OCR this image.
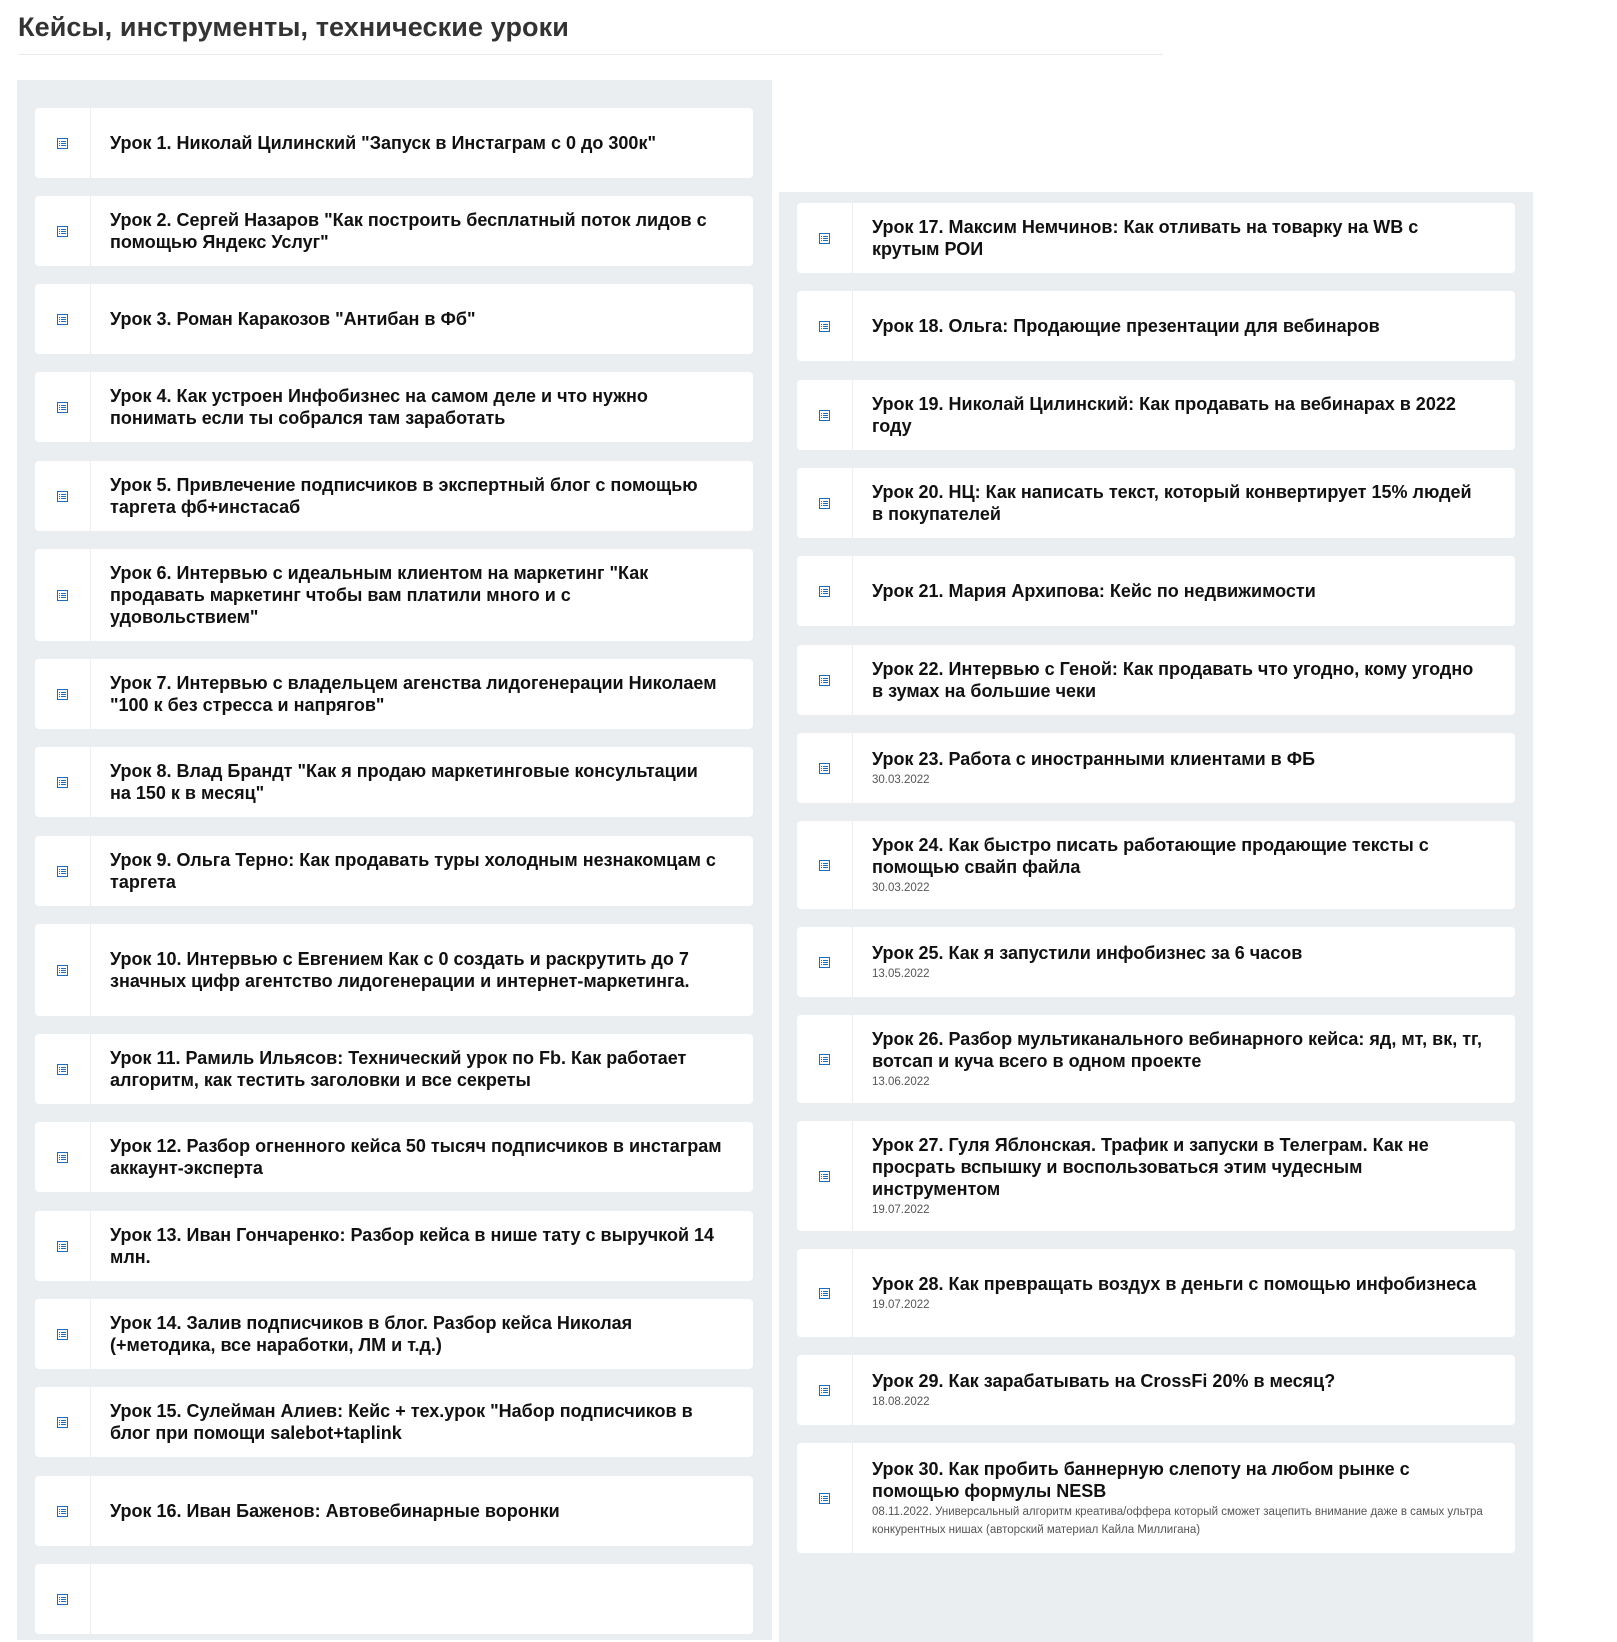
Кейсы, инструменты, технические уроки
Урок 1. Николай Цилинский "Запуск в Инстаграм с 0 до 300к"
Урок 2. Сергей Назаров "Как построить бесплатный поток лидов с помощью Яндекс Услуг"
Урок 3. Роман Каракозов "Антибан в Фб"
Урок 4. Как устроен Инфобизнес на самом деле и что нужно понимать если ты собрался там заработать
Урок 5. Привлечение подписчиков в экспертный блог с помощью таргета фб+инстасаб
Урок 6. Интервью с идеальным клиентом на маркетинг "Как продавать маркетинг чтобы вам платили много и с удовольствием"
Урок 7. Интервью с владельцем агенства лидогенерации Николаем "100 к без стресса и напрягов"
Урок 8. Влад Брандт "Как я продаю маркетинговые консультации на 150 к в месяц"
Урок 9. Ольга Терно: Как продавать туры холодным незнакомцам с таргета
Урок 10. Интервью с Евгением Как с 0 создать и раскрутить до 7 значных цифр агентство лидогенерации и интернет-маркетинга.
Урок 11. Рамиль Ильясов: Технический урок по Fb. Как работает алгоритм, как тестить заголовки и все секреты
Урок 12. Разбор огненного кейса 50 тысяч подписчиков в инстаграм аккаунт-эксперта
Урок 13. Иван Гончаренко: Разбор кейса в нише тату с выручкой 14 млн.
Урок 14. Залив подписчиков в блог. Разбор кейса Николая (+методика, все наработки, ЛМ и т.д.)
Урок 15. Сулейман Алиев: Кейс + тех.урок "Набор подписчиков в блог при помощи salebot+taplink
Урок 16. Иван Баженов: Автовебинарные воронки
Урок 17. Максим Немчинов: Как отливать на товарку на WB с крутым РОИ
Урок 18. Ольга: Продающие презентации для вебинаров
Урок 19. Николай Цилинский: Как продавать на вебинарах в 2022 году
Урок 20. НЦ: Как написать текст, который конвертирует 15% людей в покупателей
Урок 21. Мария Архипова: Кейс по недвижимости
Урок 22. Интервью с Геной: Как продавать что угодно, кому угодно в зумах на большие чеки
Урок 23. Работа с иностранными клиентами в ФБ
30.03.2022
Урок 24. Как быстро писать работающие продающие тексты с помощью свайп файла
30.03.2022
Урок 25. Как я запустили инфобизнес за 6 часов
13.05.2022
Урок 26. Разбор мультиканального вебинарного кейса: яд, мт, вк, тг, вотсап и куча всего в одном проекте
13.06.2022
Урок 27. Гуля Яблонская. Трафик и запуски в Телеграм. Как не просрать вспышку и воспользоваться этим чудесным инструментом
19.07.2022
Урок 28. Как превращать воздух в деньги с помощью инфобизнеса
19.07.2022
Урок 29. Как зарабатывать на CrossFi 20% в месяц?
18.08.2022
Урок 30. Как пробить баннерную слепоту на любом рынке с помощью формулы NESB
08.11.2022. Универсальный алгоритм креатива/оффера который сможет зацепить внимание даже в самых ультра конкурентных нишах (авторский материал Кайла Миллигана)
